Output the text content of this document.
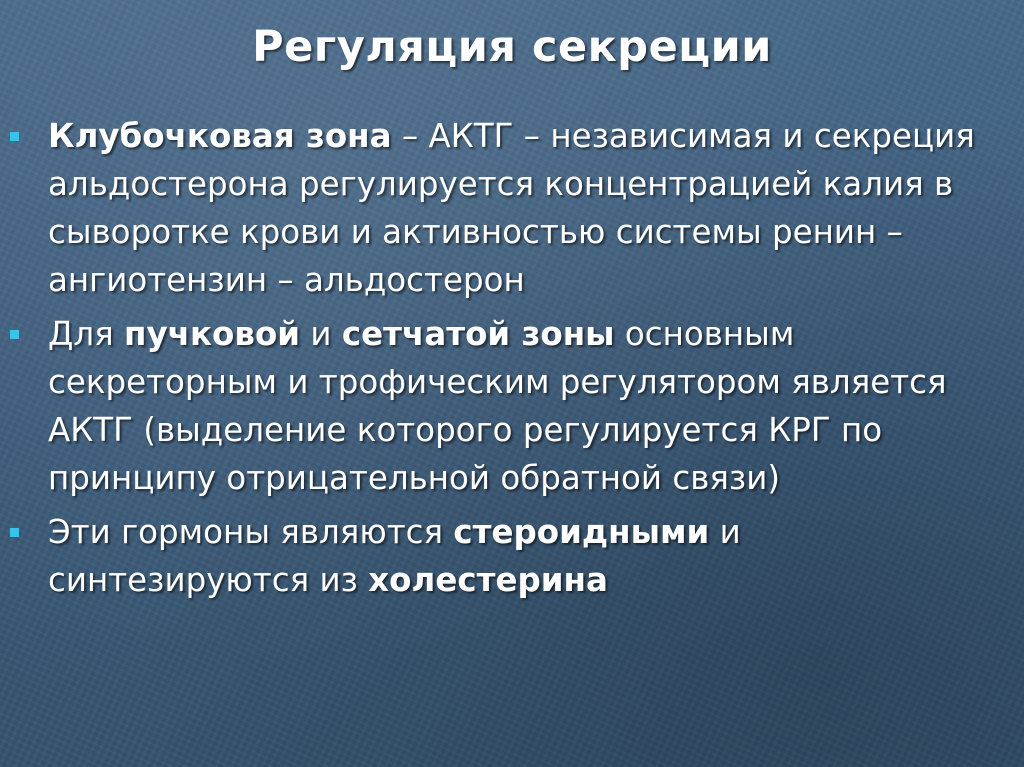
Регуляция секреции
Клубочковая зона – АКТГ – независимая и секреция альдостерона регулируется концентрацией калия в сыворотке крови и активностью системы ренин – ангиотензин – альдостерон
Для пучковой и сетчатой зоны основным секреторным и трофическим регулятором является АКТГ (выделение которого регулируется КРГ по принципу отрицательной обратной связи)
Эти гормоны являются стероидными и синтезируются из холестерина
